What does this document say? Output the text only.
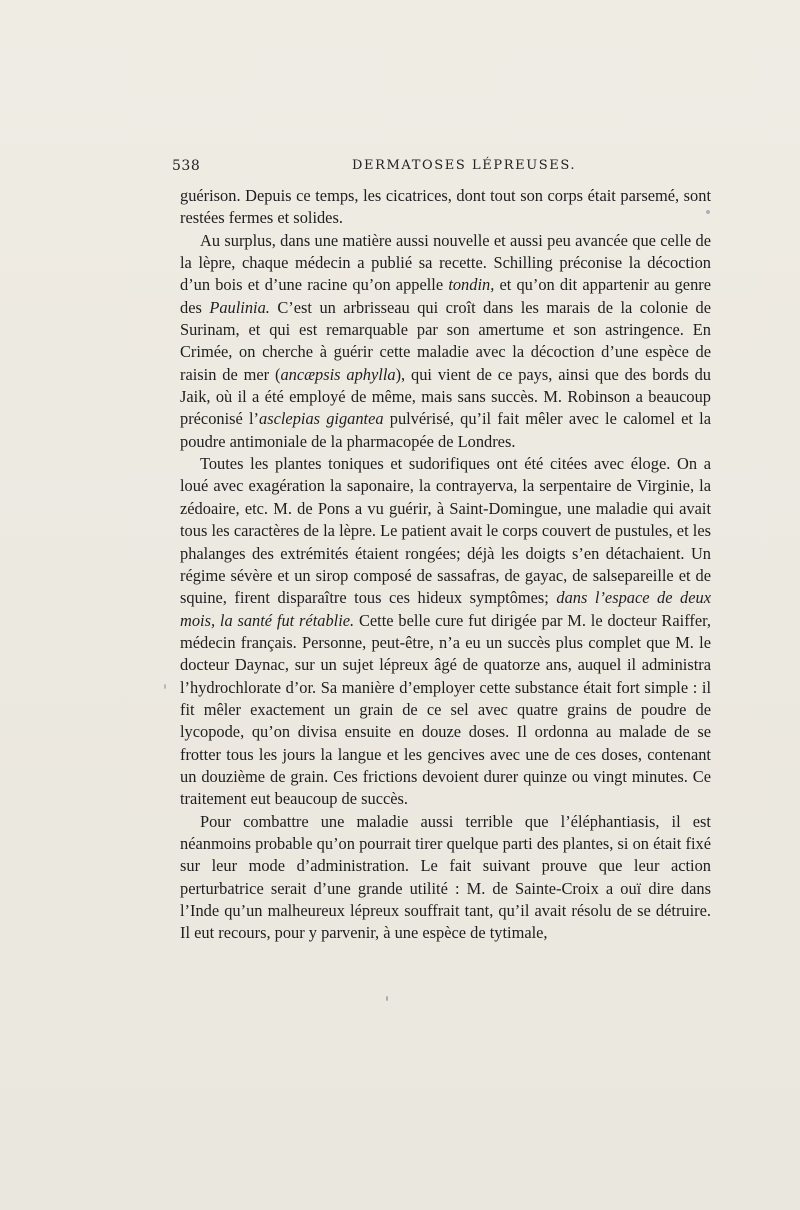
538	DERMATOSES LÉPREUSES.

guérison. Depuis ce temps, les cicatrices, dont tout son corps était parsemé, sont restées fermes et solides.

Au surplus, dans une matière aussi nouvelle et aussi peu avancée que celle de la lèpre, chaque médecin a publié sa recette. Schilling préconise la décoction d’un bois et d’une racine qu’on appelle tondin, et qu’on dit appartenir au genre des Paulinia. C’est un arbrisseau qui croît dans les marais de la colonie de Surinam, et qui est remarquable par son amertume et son astringence. En Crimée, on cherche à guérir cette maladie avec la décoction d’une espèce de raisin de mer (ancæpsis aphylla), qui vient de ce pays, ainsi que des bords du Jaik, où il a été employé de même, mais sans succès. M. Robinson a beaucoup préconisé l’asclepias gigantea pulvérisé, qu’il fait mêler avec le calomel et la poudre antimoniale de la pharmacopée de Londres.

Toutes les plantes toniques et sudorifiques ont été citées avec éloge. On a loué avec exagération la saponaire, la contrayerva, la serpentaire de Virginie, la zédoaire, etc. M. de Pons a vu guérir, à Saint-Domingue, une maladie qui avait tous les caractères de la lèpre. Le patient avait le corps couvert de pustules, et les phalanges des extrémités étaient rongées; déjà les doigts s’en détachaient. Un régime sévère et un sirop composé de sassafras, de gayac, de salsepareille et de squine, firent disparaître tous ces hideux symptômes; dans l’espace de deux mois, la santé fut rétablie. Cette belle cure fut dirigée par M. le docteur Raiffer, médecin français. Personne, peut-être, n’a eu un succès plus complet que M. le docteur Daynac, sur un sujet lépreux âgé de quatorze ans, auquel il administra l’hydrochlorate d’or. Sa manière d’employer cette substance était fort simple : il fit mêler exactement un grain de ce sel avec quatre grains de poudre de lycopode, qu’on divisa ensuite en douze doses. Il ordonna au malade de se frotter tous les jours la langue et les gencives avec une de ces doses, contenant un douzième de grain. Ces frictions devoient durer quinze ou vingt minutes. Ce traitement eut beaucoup de succès.

Pour combattre une maladie aussi terrible que l’éléphantiasis, il est néanmoins probable qu’on pourrait tirer quelque parti des plantes, si on était fixé sur leur mode d’administration. Le fait suivant prouve que leur action perturbatrice serait d’une grande utilité : M. de Sainte-Croix a ouï dire dans l’Inde qu’un malheureux lépreux souffrait tant, qu’il avait résolu de se détruire. Il eut recours, pour y parvenir, à une espèce de tytimale,
